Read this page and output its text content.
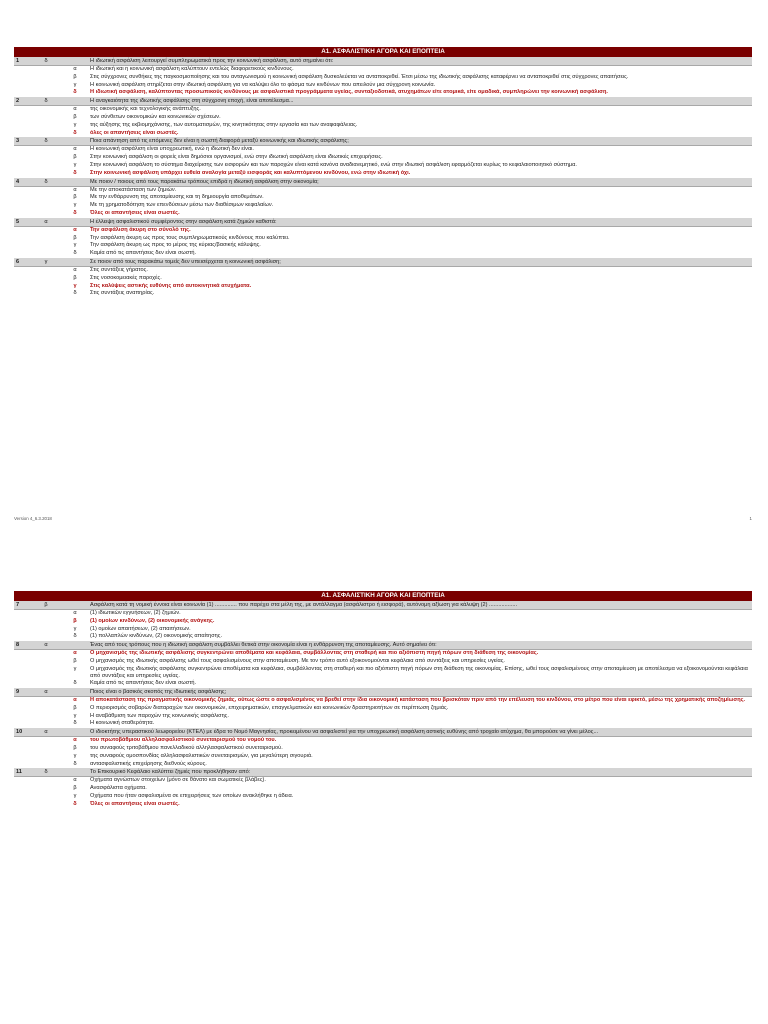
Α1. ΑΣΦΑΛΙΣΤΙΚΗ ΑΓΟΡΑ ΚΑΙ ΕΠΟΠΤΕΙΑ
1	δ	Η ιδιωτική ασφάλιση λειτουργεί συμπληρωματικά προς την κοινωνική ασφάλιση, αυτό σημαίνει ότι:
α	Η ιδιωτική και η κοινωνική ασφάλιση καλύπτουν εντελώς διαφορετικούς κινδύνους.
β	Στις σύγχρονες συνθήκες της παγκοσμιοποίησης και του ανταγωνισμού η κοινωνική ασφάλιση δυσκολεύεται να ανταποκριθεί. Έτσι μέσω της ιδιωτικής ασφάλισης καταφέρνει να ανταποκριθεί στις σύγχρονες απαιτήσεις.
γ	Η κοινωνική ασφάλιση στηρίζεται στην ιδιωτική ασφάλιση για να καλύψει όλο το φάσμα των κινδύνων που απειλούν μια σύγχρονη κοινωνία.
δ	Η ιδιωτική ασφάλιση, καλύπτοντας προσωπικούς κινδύνους με ασφαλιστικά προγράμματα υγείας, συνταξιοδοτικά, ατυχημάτων είτε ατομικά, είτε ομαδικά, συμπληρώνει την κοινωνική ασφάλιση.
2	δ	Η αναγκαιότητα της ιδιωτικής ασφάλισης στη σύγχρονη εποχή, είναι αποτέλεσμα...
α	της οικονομικής και τεχνολογικής ανάπτυξης.
β	των σύνθετων οικονομικών και κοινωνικών σχέσεων.
γ	της αύξησης της εκβιομηχάνισης, των αυτοματισμών, της κινητικότητας στην εργασία και των αναφαφάλειας.
δ	όλες οι απαντήσεις είναι σωστές.
3	δ	Ποια απάντηση από τις επόμενες δεν είναι η σωστή διαφορά μεταξύ κοινωνικής και ιδιωτικής ασφάλισης;
α	Η κοινωνική ασφάλιση είναι υποχρεωτική, ενώ η ιδιωτική δεν είναι.
β	Στην κοινωνική ασφάλιση οι φορείς είναι δημόσιοι οργανισμοί, ενώ στην ιδιωτική ασφάλιση είναι ιδιωτικές επιχειρήσεις.
γ	Στην κοινωνική ασφάλιση το σύστημα διαχείρισης των εισφορών και των παροχών είναι κατά κανόνα αναδιανεμητικό, ενώ στην ιδιωτική ασφάλιση εφαρμόζεται κυρίως το κεφαλαιοποιητικό σύστημα.
δ	Στην κοινωνική ασφάλιση υπάρχει ευθεία αναλογία μεταξύ εισφοράς και καλυπτόμενου κινδύνου, ενώ στην ιδιωτική όχι.
4	δ	Με ποιον / ποιους από τους παρακάτω τρόπους επιδρά η ιδιωτική ασφάλιση στην οικονομία;
α	Με την αποκατάσταση των ζημιών.
β	Με την ενθάρρυνση της αποταμίευσης και τη δημιουργία αποθεμάτων.
γ	Με τη χρηματοδότηση των επενδύσεων μέσω των διαθέσιμων κεφαλαίων.
δ	Όλες οι απαντήσεις είναι σωστές.
5	α	Η έλλειψη ασφαλιστικού συμφέροντος στην ασφάλιση κατά ζημιών καθιστά:
α	Την ασφάλιση άκυρη στο σύνολό της.
β	Την ασφάλιση άκυρη ως προς τους συμπληρωματικούς κινδύνους που καλύπτει.
γ	Την ασφάλιση άκυρη ως προς το μέρος της κύριας/βασικής κάλυψης.
δ	Καμία από τις απαντήσεις δεν είναι σωστή.
6	γ	Σε ποιον από τους παρακάτω τομείς δεν υπεισέρχεται η κοινωνική ασφάλιση;
α	Στις συντάξεις γήρατος.
β	Στις νοσοκομειακές παροχές.
γ	Στις καλύψεις αστικής ευθύνης από αυτοκινητικά ατυχήματα.
δ	Στις συντάξεις αναπηρίας.
Version 4_6.3.2018	1
Α1. ΑΣΦΑΛΙΣΤΙΚΗ ΑΓΟΡΑ ΚΑΙ ΕΠΟΠΤΕΙΑ
7	β	Ασφάλιση κατά τη νομική έννοια είναι κοινωνία (1) .............. που παρέχει στα μέλη της, με αντάλλαγμα (ασφάλιστρο ή εισφορά), αυτόνομη αξίωση για κάλυψη (2) ..................
α	(1) ιδιωτικών εγγυήσεων, (2) ζημιών.
β	(1) ομοίων κινδύνων, (2) οικονομικής ανάγκης.
γ	(1) ομοίων απαιτήσεων, (2) απαιτήσεων.
δ	(1) πολλαπλών κινδύνων, (2) οικονομικής απαίτησης.
8	α	Ένας από τους τρόπους που η ιδιωτική ασφάλιση συμβάλλει θετικά στην οικονομία είναι η ενθάρρυνση της αποταμίευσης. Αυτό σημαίνει ότι:
α	Ο μηχανισμός της ιδιωτικής ασφάλισης συγκεντρώνει αποθέματα και κεφάλαια, συμβάλλοντας στη σταθερή και πιο αξιόπιστη πηγή πόρων στη διάθεση της οικονομίας.
β	Ο μηχανισμός της ιδιωτικής ασφάλισης ωθεί τους ασφαλισμένους στην αποταμίευση. Με τον τρόπο αυτό εξοικονομούνται κεφάλαια από συντάξεις και υπηρεσίες υγείας.
γ	Ο μηχανισμός της ιδιωτικής ασφάλισης συγκεντρώνει αποθέματα και κεφάλαια, συμβάλλοντας στη σταθερή και πιο αξιόπιστη πηγή πόρων στη διάθεση της οικονομίας. Επίσης, ωθεί τους ασφαλισμένους στην αποταμίευση με αποτέλεσμα να εξοικονομούνται κεφάλαια από συντάξεις και υπηρεσίες υγείας.
δ	Καμία από τις απαντήσεις δεν είναι σωστή.
9	α	Ποιος είναι ο βασικός σκοπός της ιδιωτικής ασφάλισης;
α	Η αποκατάσταση της πραγματικής οικονομικής ζημιάς, ούτως ώστε ο ασφαλισμένος να βρεθεί στην ίδια οικονομική κατάσταση που βρισκόταν πριν από την επέλευση του κινδύνου, στο μέτρο που είναι εφικτό, μέσω της χρηματικής αποζημίωσης.
β	Ο περιορισμός σοβαρών διαταραχών των οικονομικών, επιχειρηματικών, επαγγελματικών και κοινωνικών δραστηριοτήτων σε περίπτωση ζημιάς.
γ	Η αναβάθμιση των παροχών της κοινωνικής ασφάλισης.
δ	Η κοινωνική σταθερότητα.
10	α	Ο ιδιοκτήτης υπεραστικού λεωφορείου (ΚΤΕΛ) με έδρα το Νομό Μαγνησίας, προκειμένου να ασφαλιστεί για την υποχρεωτική ασφάλιση αστικής ευθύνης από τροχαίο ατύχημα, θα μπορούσε να γίνει μέλος...
α	του πρωτοβάθμιου αλληλασφαλιστικού συνεταιρισμού του νομού του.
β	του συναφούς τριτοβάθμιου πανελλαδικού αλληλασφαλιστικού συνεταιρισμού.
γ	της συναφούς ομοσπονδίας αλληλασφαλιστικών συνεταιρισμών, για μεγαλύτερη σιγουριά.
δ	αντασφαλιστικής επιχείρησης διεθνούς κύρους.
11	δ	Το Επικουρικό Κεφάλαιο καλύπτει ζημιές που προκλήθηκαν από:
α	Οχήματα αγνώστων στοιχείων (μόνο σε θάνατο και σωματικές βλάβες).
β	Ανασφάλιστα οχήματα.
γ	Οχήματα που ήταν ασφαλισμένα σε επιχειρήσεις των οποίων ανακλήθηκε η άδεια.
δ	Όλες οι απαντήσεις είναι σωστές.
